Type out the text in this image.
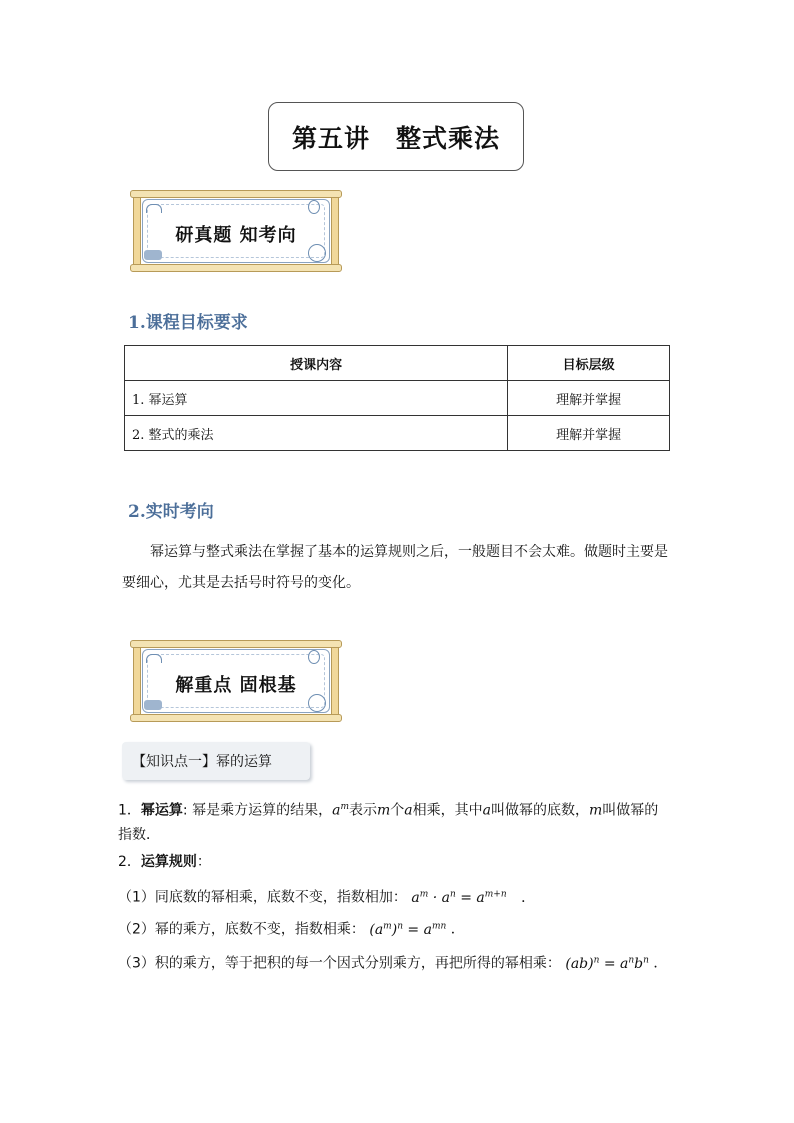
第五讲 整式乘法
研真题 知考向
1.课程目标要求
授课内容	目标层级
1. 幂运算	理解并掌握
2. 整式的乘法	理解并掌握
2.实时考向
幂运算与整式乘法在掌握了基本的运算规则之后，一般题目不会太难。做题时主要是要细心，尤其是去括号时符号的变化。
解重点 固根基
【知识点一】幂的运算
1．幂运算: 幂是乘方运算的结果，$a^m$表示m个a相乘，其中a叫做幂的底数，m叫做幂的
指数．
2．运算规则：
（1）同底数的幂相乘，底数不变，指数相加： $a^m \cdot a^n = a^{m+n}$ ．
（2）幂的乘方，底数不变，指数相乘： $(a^m)^n = a^{mn}$ ．
（3）积的乘方，等于把积的每一个因式分别乘方，再把所得的幂相乘： $(ab)^n = a^nb^n$ ．
